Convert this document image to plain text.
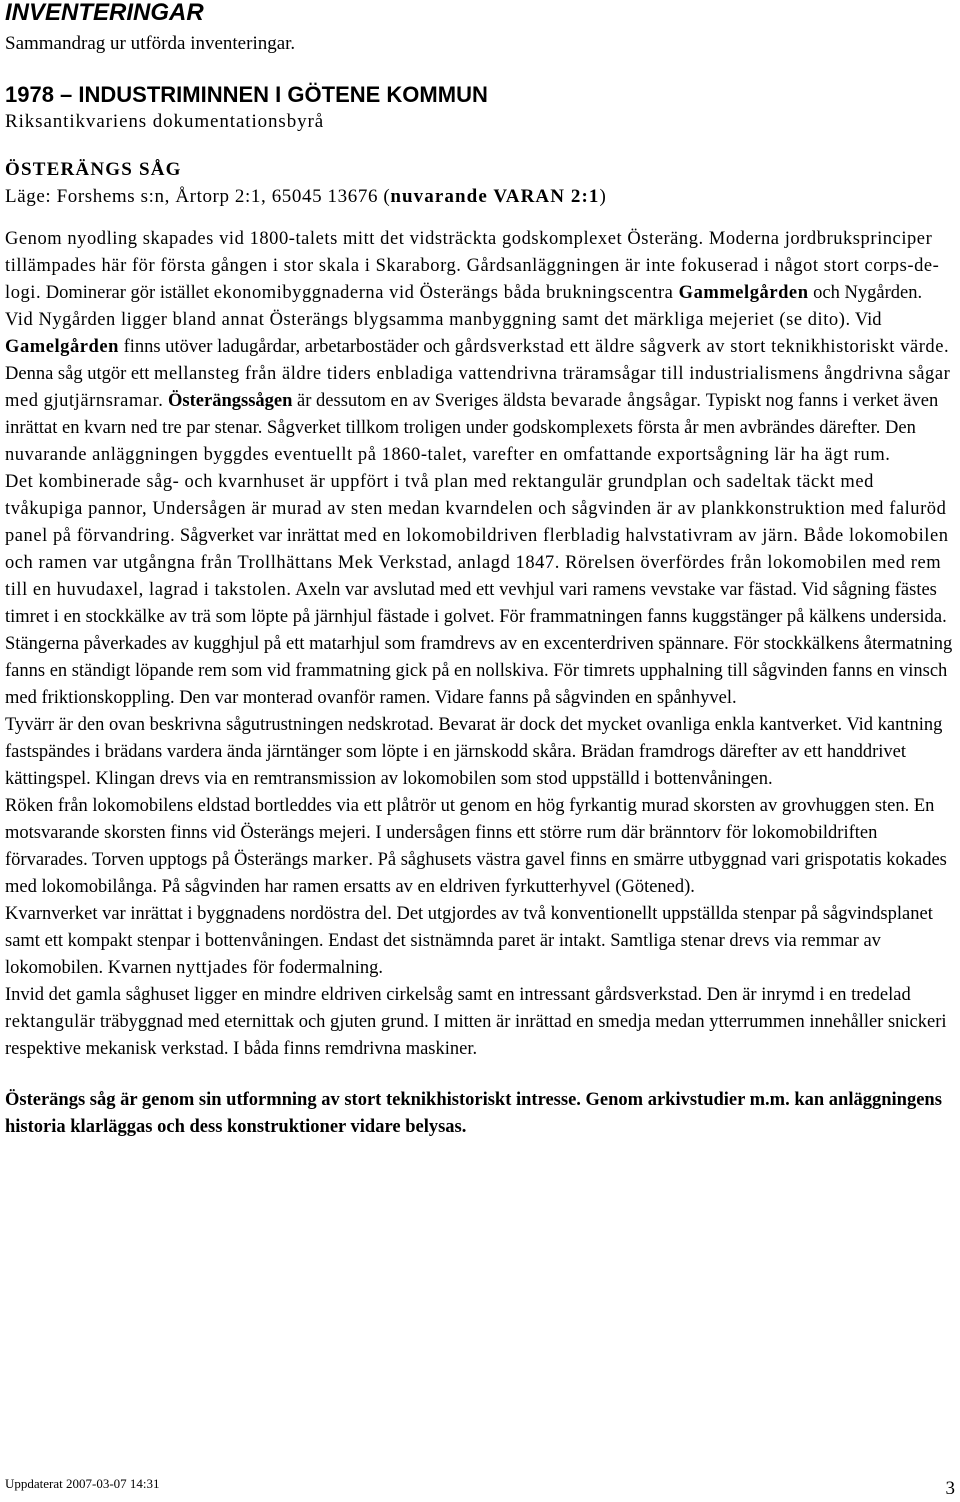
INVENTERINGAR
Sammandrag ur utförda inventeringar.
1978 – INDUSTRIMINNEN I GÖTENE KOMMUN
Riksantikvariens dokumentationsbyrå
ÖSTERÄNGS SÅG
Läge: Forshems s:n, Årtorp 2:1, 65045 13676 (nuvarande VARAN 2:1)

Genom nyodling skapades vid 1800-talets mitt det vidsträckta godskomplexet Österäng. Moderna jordbruksprinciper tillämpades här för första gången i stor skala i Skaraborg. Gårdsanläggningen är inte fokuserad i något stort corps-de-logi. Dominerar gör istället ekonomibyggnaderna vid Österängs båda brukningscentra Gammelgården och Nygården. Vid Nygården ligger bland annat Österängs blygsamma manbyggning samt det märkliga mejeriet (se dito). Vid Gamelgården finns utöver ladugårdar, arbetarbostäder och gårdsverkstad ett äldre sågverk av stort teknikhistoriskt värde. Denna såg utgör ett mellansteg från äldre tiders enbladiga vattendrivna träramsågar till industrialismens ångdrivna sågar med gjutjärnsramar. Österängssågen är dessutom en av Sveriges äldsta bevarade ångsågar. Typiskt nog fanns i verket även inrättat en kvarn ned tre par stenar. Sågverket tillkom troligen under godskomplexets första år men avbrändes därefter. Den nuvarande anläggningen byggdes eventuellt på 1860-talet, varefter en omfattande exportsågning lär ha ägt rum.

Det kombinerade såg- och kvarnhuset är uppfört i två plan med rektangulär grundplan och sadeltak täckt med tvåkupiga pannor, Undersågen är murad av sten medan kvarndelen och sågvinden är av plankkonstruktion med faluröd panel på förvandring. Sågverket var inrättat med en lokomobildriven flerbladig halvstativram av järn. Både lokomobilen och ramen var utgångna från Trollhättans Mek Verkstad, anlagd 1847. Rörelsen överfördes från lokomobilen med rem till en huvudaxel, lagrad i takstolen. Axeln var avslutad med ett vevhjul vari ramens vevstake var fästad. Vid sågning fästes timret i en stockkälke av trä som löpte på järnhjul fästade i golvet. För frammatningen fanns kuggstänger på kälkens undersida. Stängerna påverkades av kugghjul på ett matarhjul som framdrevs av en excenterdriven spännare. För stockkälkens återmatning fanns en ständigt löpande rem som vid frammatning gick på en nollskiva. För timrets upphalning till sågvinden fanns en vinsch med friktionskoppling. Den var monterad ovanför ramen. Vidare fanns på sågvinden en spånhyvel.

Tyvärr är den ovan beskrivna sågutrustningen nedskrotad. Bevarat är dock det mycket ovanliga enkla kantverket. Vid kantning fastspändes i brädans vardera ända järntänger som löpte i en järnskodd skåra. Brädan framdrogs därefter av ett handdrivet kättingspel. Klingan drevs via en remtransmission av lokomobilen som stod uppställd i bottenvåningen.

Röken från lokomobilens eldstad bortleddes via ett plåtrör ut genom en hög fyrkantig murad skorsten av grovhuggen sten. En motsvarande skorsten finns vid Österängs mejeri. I undersågen finns ett större rum där bränntorv för lokomobildriften förvarades. Torven upptogs på Österängs marker. På såghusets västra gavel finns en smärre utbyggnad vari grispotatis kokades med lokomobilånga. På sågvinden har ramen ersatts av en eldriven fyrkutterhyvel (Götened).

Kvarnverket var inrättat i byggnadens nordöstra del. Det utgjordes av två konventionellt uppställda stenpar på sågvindsplanet samt ett kompakt stenpar i bottenvåningen. Endast det sistnämnda paret är intakt. Samtliga stenar drevs via remmar av lokomobilen. Kvarnen nyttjades för fodermalning.

Invid det gamla såghuset ligger en mindre eldriven cirkelsåg samt en intressant gårdsverkstad. Den är inrymd i en tredelad rektangulär träbyggnad med eternittak och gjuten grund. I mitten är inrättad en smedja medan ytterrummen innehåller snickeri respektive mekanisk verkstad. I båda finns remdrivna maskiner.

Österängs såg är genom sin utformning av stort teknikhistoriskt intresse. Genom arkivstudier m.m. kan anläggningens historia klarläggas och dess konstruktioner vidare belysas.
Uppdaterat 2007-03-07 14:31	3
